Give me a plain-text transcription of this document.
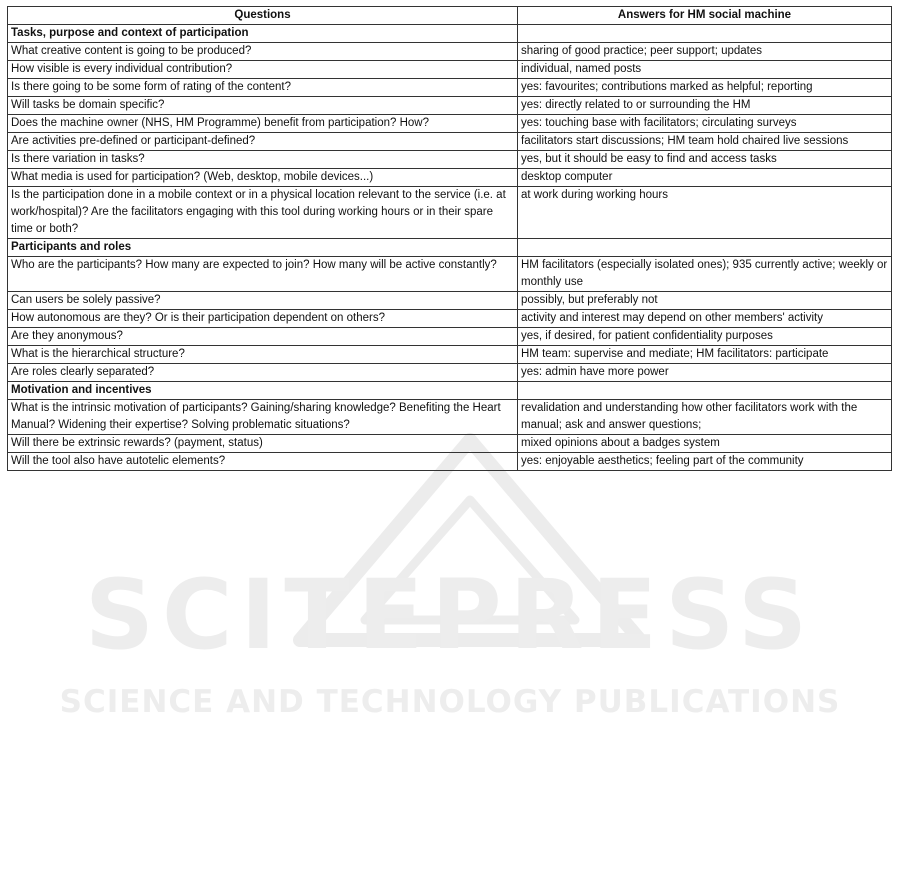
SCITEPRESS
SCIENCE AND TECHNOLOGY PUBLICATIONS
Questions	Answers for HM social machine
Tasks, purpose and context of participation	
What creative content is going to be produced?	sharing of good practice; peer support; updates
How visible is every individual contribution?	individual, named posts
Is there going to be some form of rating of the content?	yes: favourites; contributions marked as helpful; reporting
Will tasks be domain specific?	yes: directly related to or surrounding the HM
Does the machine owner (NHS, HM Programme) benefit from participation? How?	yes: touching base with facilitators; circulating surveys
Are activities pre-defined or participant-defined?	facilitators start discussions; HM team hold chaired live sessions
Is there variation in tasks?	yes, but it should be easy to find and access tasks
What media is used for participation? (Web, desktop, mobile devices...)	desktop computer
Is the participation done in a mobile context or in a physical location relevant to the service (i.e. at work/hospital)? Are the facilitators engaging with this tool during working hours or in their spare time or both?	at work during working hours
Participants and roles	
Who are the participants? How many are expected to join? How many will be active constantly?	HM facilitators (especially isolated ones); 935 currently active; weekly or monthly use
Can users be solely passive?	possibly, but preferably not
How autonomous are they? Or is their participation dependent on others?	activity and interest may depend on other members' activity
Are they anonymous?	yes, if desired, for patient confidentiality purposes
What is the hierarchical structure?	HM team: supervise and mediate; HM facilitators: participate
Are roles clearly separated?	yes: admin have more power
Motivation and incentives	
What is the intrinsic motivation of participants? Gaining/sharing knowledge? Benefiting the Heart Manual? Widening their expertise? Solving problematic situations?	revalidation and understanding how other facilitators work with the manual; ask and answer questions;
Will there be extrinsic rewards? (payment, status)	mixed opinions about a badges system
Will the tool also have autotelic elements?	yes: enjoyable aesthetics; feeling part of the community
